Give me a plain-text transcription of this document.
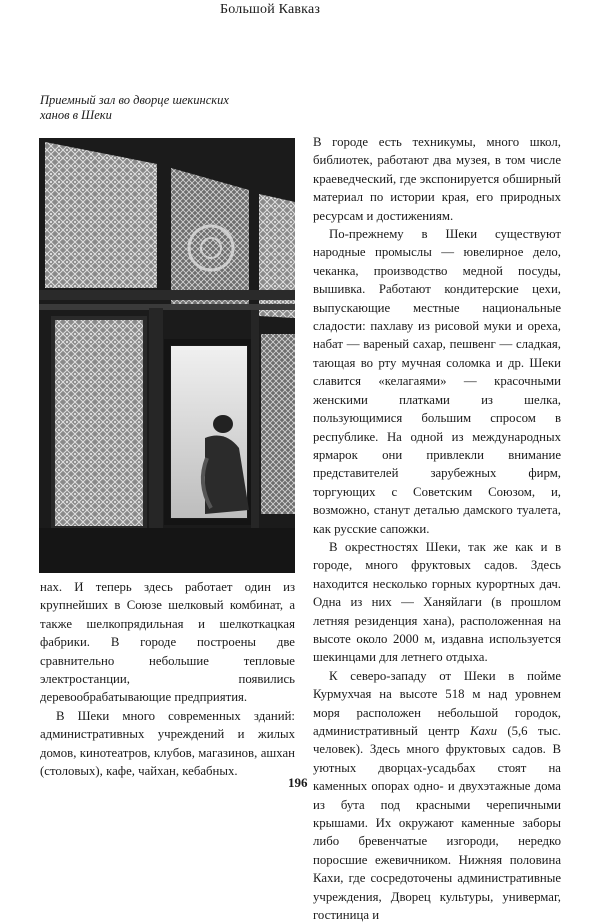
Большой Кавказ
Приемный зал во дворце шекинских
ханов в Шеки

В городе есть техникумы, много школ, библиотек, работают два музея, в том числе краеведческий, где экспонируется обширный материал по истории края, его природных ресурсам и достижениям.

По-прежнему в Шеки существуют народные промыслы — ювелирное дело, чеканка, производство медной посуды, вышивка. Работают кондитерские цехи, выпускающие местные национальные сладости: пахлаву из рисовой муки и ореха, набат — вареный сахар, пешвенг — сладкая, тающая во рту мучная соломка и др. Шеки славится «келагаями» — красочными женскими платками из шелка, пользующимися большим спросом в республике. На одной из международных ярмарок они привлекли внимание представителей зарубежных фирм, торгующих с Советским Союзом, и, возможно, станут деталью дамского туалета, как русские сапожки.

В окрестностях Шеки, так же как и в городе, много фруктовых садов. Здесь находится несколько горных курортных дач. Одна из них — Ханяйлаги (в прошлом летняя резиденция хана), расположенная на высоте около 2000 м, издавна используется шекинцами для летнего отдыха.

К северо-западу от Шеки в пойме Курмухчая на высоте 518 м над уровнем моря расположен небольшой городок, административный центр Кахи (5,6 тыс. человек). Здесь много фруктовых садов. В уютных дворцах-усадьбах стоят на каменных опорах одно- и двухэтажные дома из бута под красными черепичными крышами. Их окружают каменные заборы либо бревенчатые изгороди, нередко поросшие ежевичником. Нижняя половина Кахи, где сосредоточены административные учреждения, Дворец культуры, универмаг, гостиница и

нах. И теперь здесь работает один из крупнейших в Союзе шелковый комбинат, а также шелкопрядильная и шелкоткацкая фабрики. В городе построены две сравнительно небольшие тепловые электростанции, появились деревообрабатывающие предприятия.

В Шеки много современных зданий: административных учреждений и жилых домов, кинотеатров, клубов, магазинов, ашхан (столовых), кафе, чайхан, кебабных.

196
